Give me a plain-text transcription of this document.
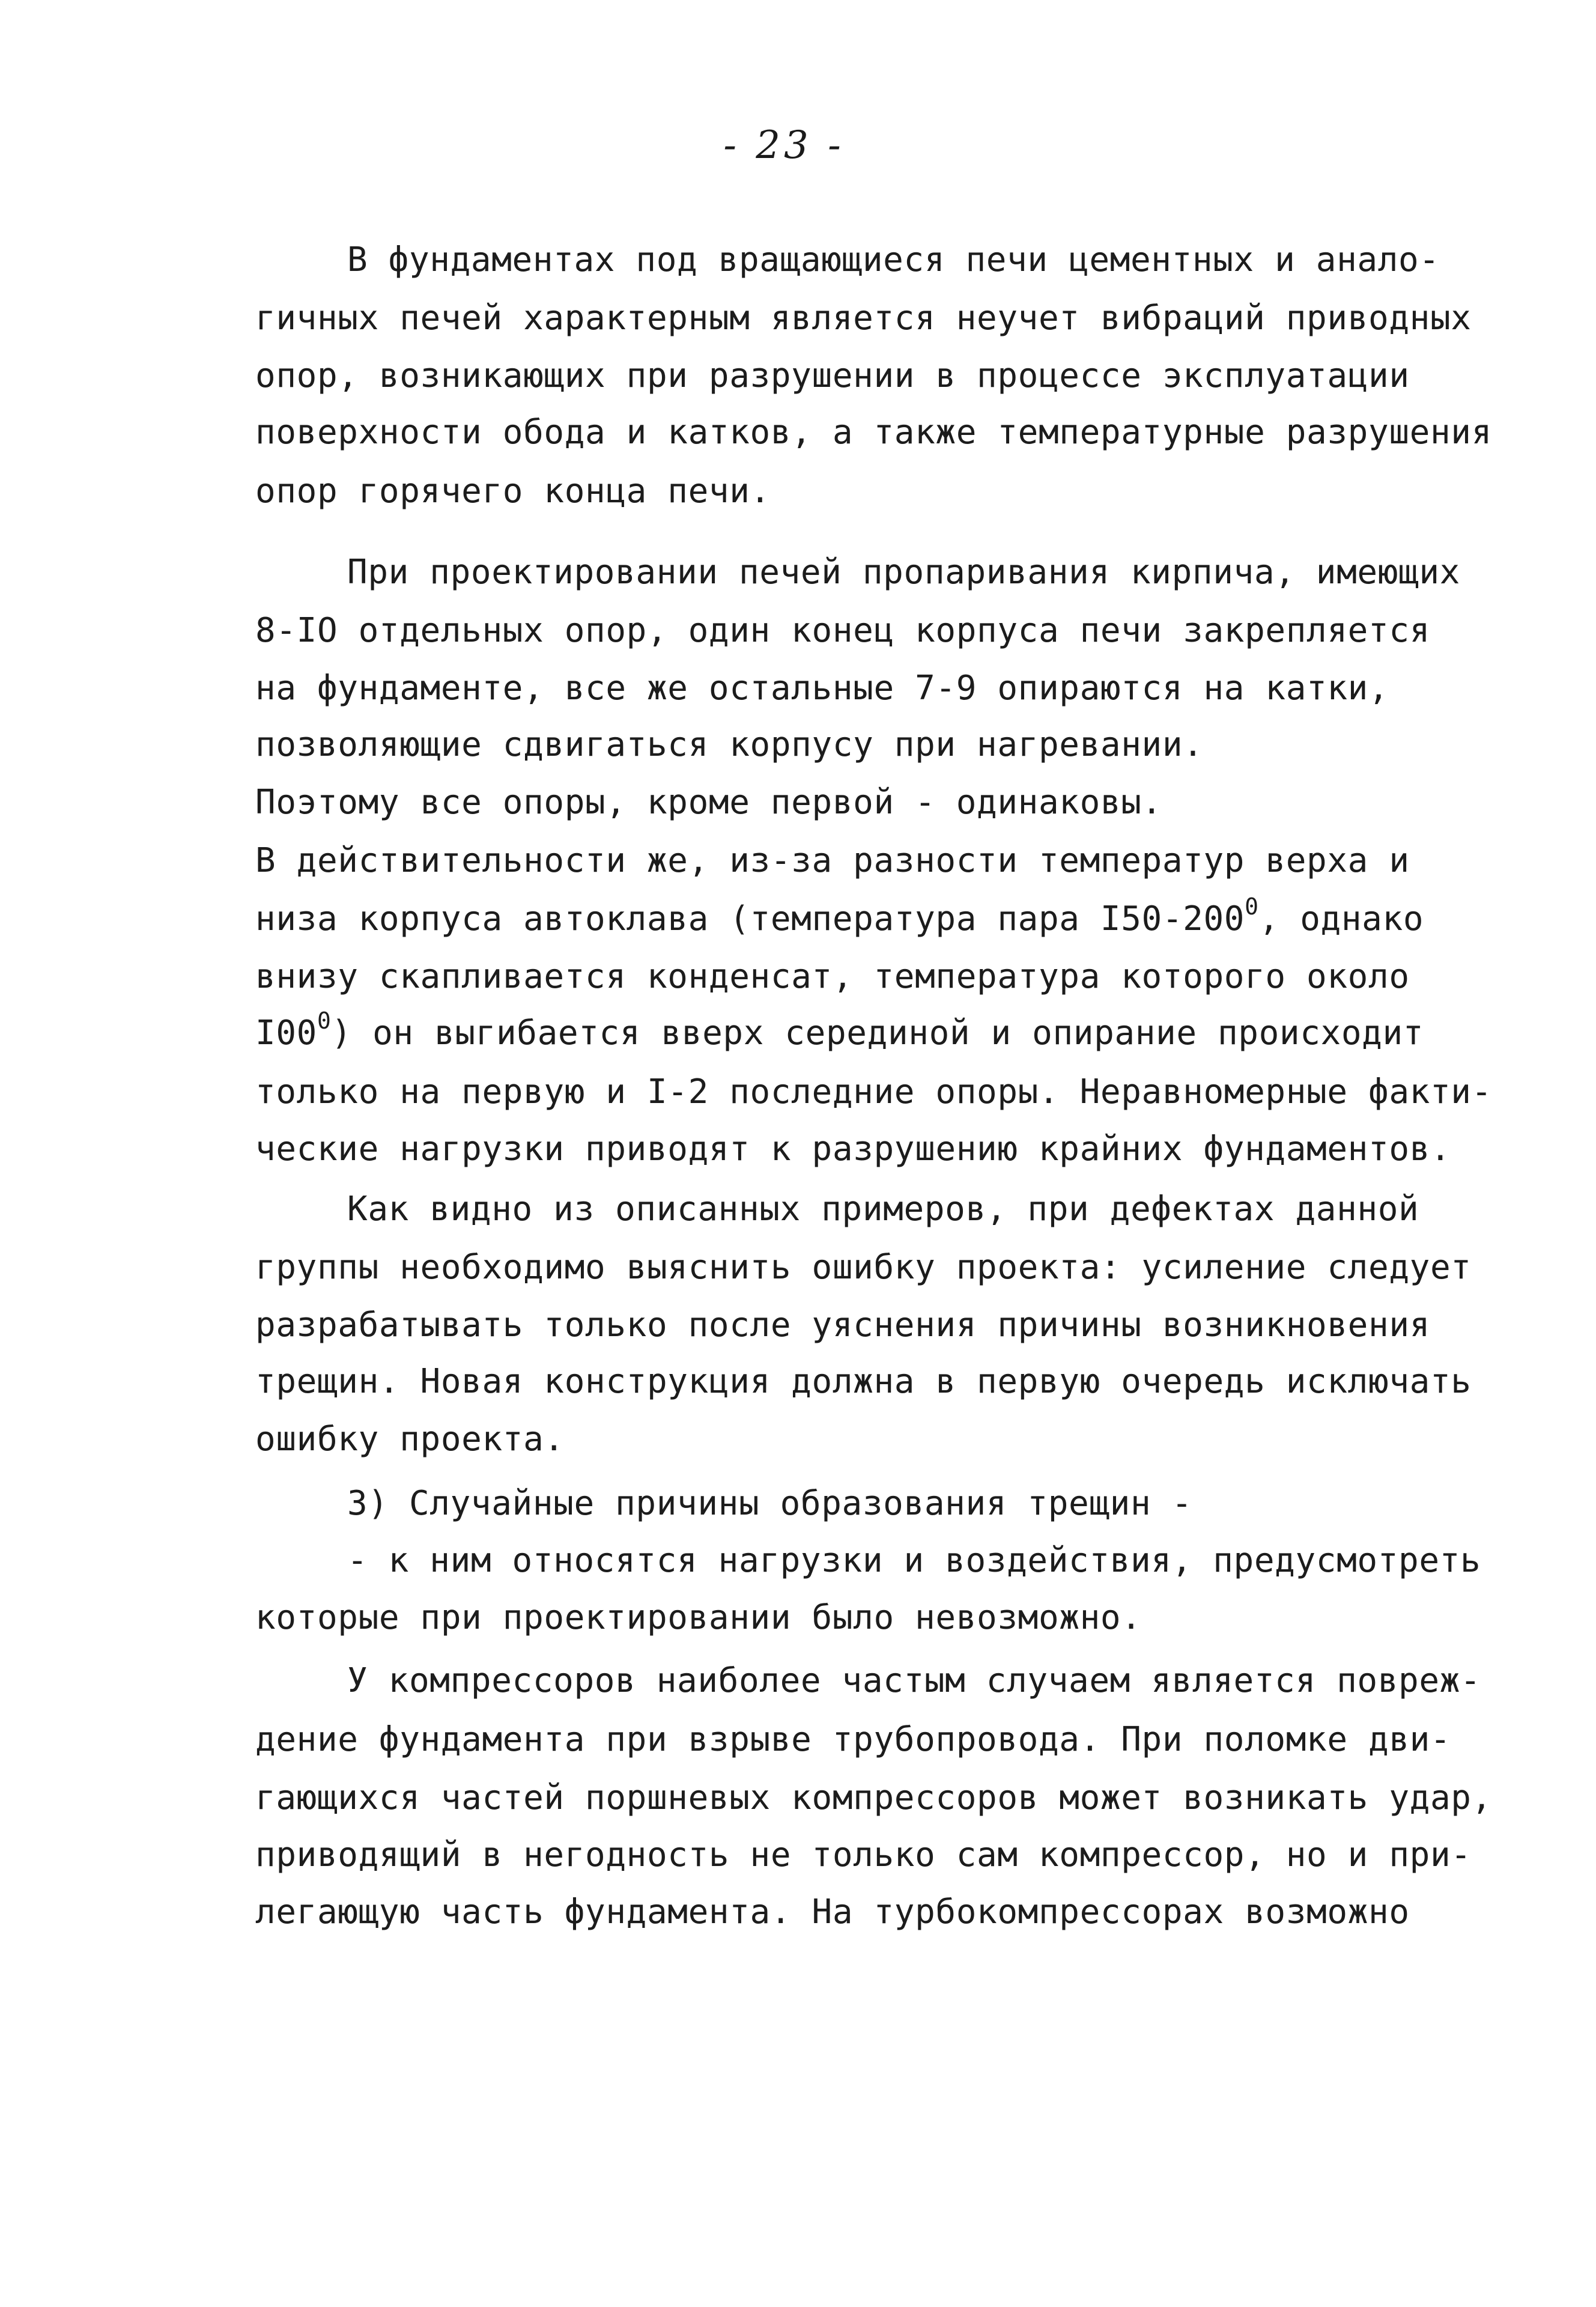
- 23 -

В фундаментах под вращающиеся печи цементных и анало-

гичных печей характерным является неучет вибраций приводных

опор, возникающих при разрушении в процессе эксплуатации

поверхности обода и катков, а также температурные разрушения

опор горячего конца печи.

При проектировании печей пропаривания кирпича, имеющих

8-IO отдельных опор, один конец корпуса печи закрепляется

на фундаменте, все же остальные 7-9 опираются на катки,

позволяющие сдвигаться корпусу при нагревании.

Поэтому все опоры, кроме первой - одинаковы.

В действительности же, из-за разности температур верха и

низа корпуса автоклава (температура пара $I50-200^0$, однако

внизу скапливается конденсат, температура которого около

$I00^0$) он выгибается вверх серединой и опирание происходит

только на первую и I-2 последние опоры. Неравномерные факти-

ческие нагрузки приводят к разрушению крайних фундаментов.

Как видно из описанных примеров, при дефектах данной

группы необходимо выяснить ошибку проекта: усиление следует

разрабатывать только после уяснения причины возникновения

трещин. Новая конструкция должна в первую очередь исключать

ошибку проекта.

3) Случайные причины образования трещин -

- к ним относятся нагрузки и воздействия, предусмотреть

которые при проектировании было невозможно.

У компрессоров наиболее частым случаем является повреж-

дение фундамента при взрыве трубопровода. При поломке дви-

гающихся частей поршневых компрессоров может возникать удар,

приводящий в негодность не только сам компрессор, но и при-

легающую часть фундамента. На турбокомпрессорах возможно
